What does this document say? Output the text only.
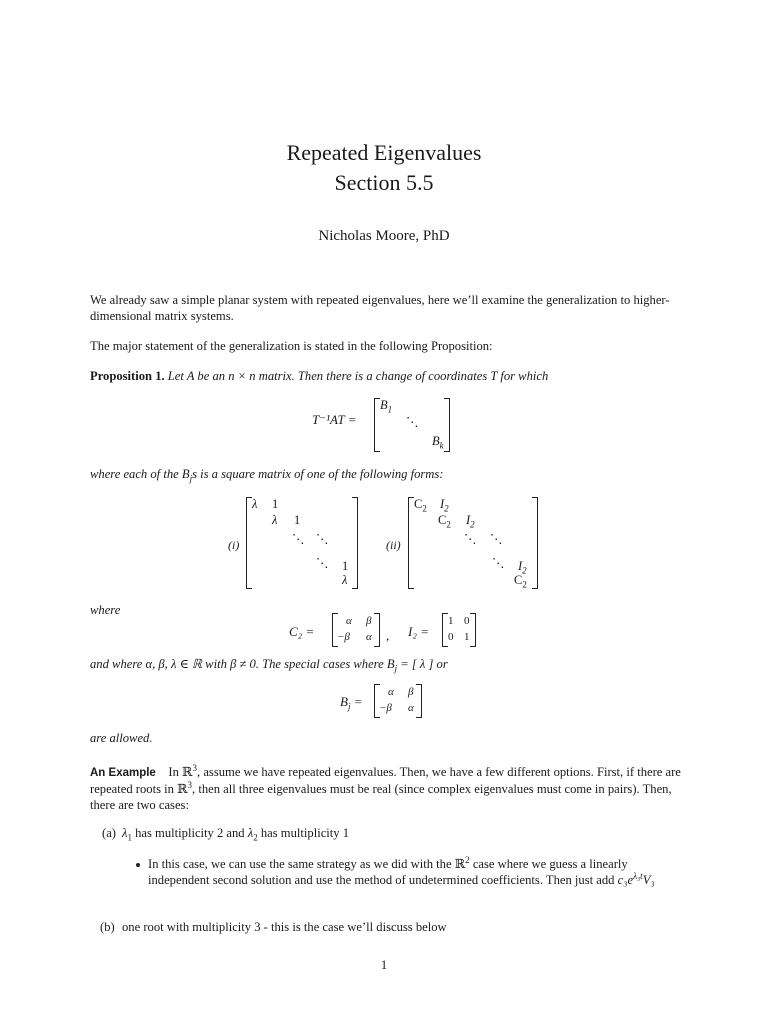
Repeated Eigenvalues
Section 5.5
Nicholas Moore, PhD
We already saw a simple planar system with repeated eigenvalues, here we’ll examine the generalization to higher-dimensional matrix systems.
The major statement of the generalization is stated in the following Proposition:
Proposition 1. Let A be an n × n matrix. Then there is a change of coordinates T for which
T⁻¹AT =
$B_1$
⋱
$B_k$
where each of the $B_js$ is a square matrix of one of the following forms:
(i)
λ 1
λ 1
⋱ ⋱
⋱ 1
λ
(ii)
$C_2$ $I_2$
$C_2$ $I_2$
⋱ ⋱
⋱ $I_2$
$C_2$
where
C₂ =
α β
−β α , I₂ =
1 0
0 1
and where α, β, λ ∈ ℝ with β ≠ 0. The special cases where $B_j$ = [ λ ] or
$B_j$ =
α β
−β α
are allowed.
An Example In ℝ$^3$, assume we have repeated eigenvalues. Then, we have a few different options. First, if there are repeated roots in ℝ$^3$, then all three eigenvalues must be real (since complex eigenvalues must come in pairs). Then, there are two cases:
(a) $\lambda_1$ has multiplicity 2 and $\lambda_2$ has multiplicity 1
In this case, we can use the same strategy as we did with the ℝ$^2$ case where we guess a linearly independent second solution and use the method of undetermined coefficients. Then just add $c_3e^{\lambda_3t}V_3$
(b) one root with multiplicity 3 - this is the case we’ll discuss below
1
